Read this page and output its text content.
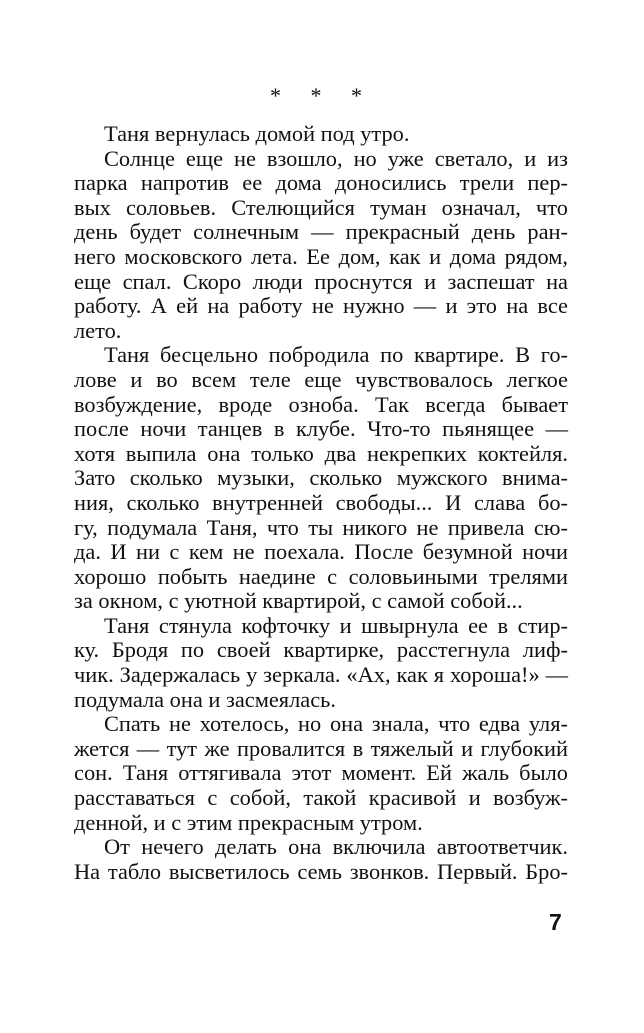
* * *
Таня вернулась домой под утро.
Солнце еще не взошло, но уже светало, и из
парка напротив ее дома доносились трели пер-
вых соловьев. Стелющийся туман означал, что
день будет солнечным — прекрасный день ран-
него московского лета. Ее дом, как и дома рядом,
еще спал. Скоро люди проснутся и заспешат на
работу. А ей на работу не нужно — и это на все
лето.
Таня бесцельно побродила по квартире. В го-
лове и во всем теле еще чувствовалось легкое
возбуждение, вроде озноба. Так всегда бывает
после ночи танцев в клубе. Что-то пьянящее —
хотя выпила она только два некрепких коктейля.
Зато сколько музыки, сколько мужского внима-
ния, сколько внутренней свободы... И слава бо-
гу, подумала Таня, что ты никого не привела сю-
да. И ни с кем не поехала. После безумной ночи
хорошо побыть наедине с соловьиными трелями
за окном, с уютной квартирой, с самой собой...
Таня стянула кофточку и швырнула ее в стир-
ку. Бродя по своей квартирке, расстегнула лиф-
чик. Задержалась у зеркала. «Ах, как я хороша!» —
подумала она и засмеялась.
Спать не хотелось, но она знала, что едва уля-
жется — тут же провалится в тяжелый и глубокий
сон. Таня оттягивала этот момент. Ей жаль было
расставаться с собой, такой красивой и возбуж-
денной, и с этим прекрасным утром.
От нечего делать она включила автоответчик.
На табло высветилось семь звонков. Первый. Бро-
7
